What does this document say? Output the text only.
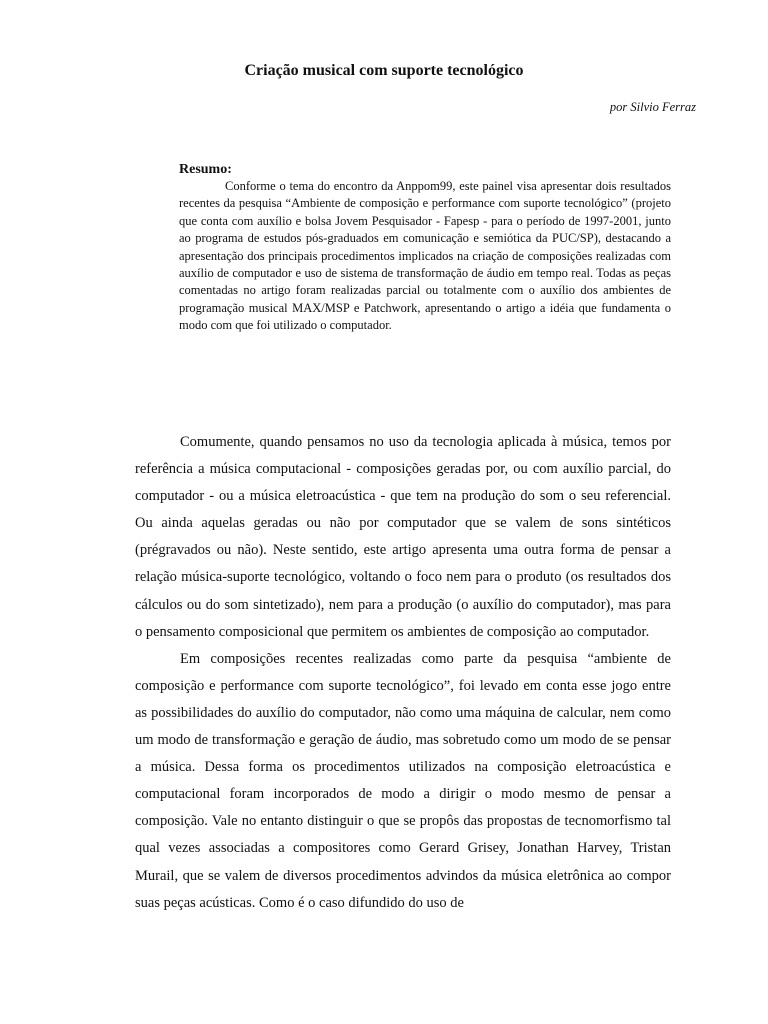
Criação musical com suporte tecnológico

por Silvio Ferraz

Resumo:

Conforme o tema do encontro da Anppom99, este painel visa apresentar dois resultados recentes da pesquisa “Ambiente de composição e performance com suporte tecnológico” (projeto que conta com auxílio e bolsa Jovem Pesquisador - Fapesp - para o período de 1997-2001, junto ao programa de estudos pós-graduados em comunicação e semiótica da PUC/SP), destacando a apresentação dos principais procedimentos implicados na criação de composições realizadas com auxílio de computador e uso de sistema de transformação de áudio em tempo real. Todas as peças comentadas no artigo foram realizadas parcial ou totalmente com o auxílio dos ambientes de programação musical MAX/MSP e Patchwork, apresentando o artigo a idéia que fundamenta o modo com que foi utilizado o computador.

Comumente, quando pensamos no uso da tecnologia aplicada à música, temos por referência a música computacional - composições geradas por, ou com auxílio parcial, do computador - ou a música eletroacústica - que tem na produção do som o seu referencial. Ou ainda aquelas geradas ou não por computador que se valem de sons sintéticos (prégravados ou não). Neste sentido, este artigo apresenta uma outra forma de pensar a relação música-suporte tecnológico, voltando o foco nem para o produto (os resultados dos cálculos ou do som sintetizado), nem para a produção (o auxílio do computador), mas para o pensamento composicional que permitem os ambientes de composição ao computador.

Em composições recentes realizadas como parte da pesquisa “ambiente de composição e performance com suporte tecnológico”, foi levado em conta esse jogo entre as possibilidades do auxílio do computador, não como uma máquina de calcular, nem como um modo de transformação e geração de áudio, mas sobretudo como um modo de se pensar a música. Dessa forma os procedimentos utilizados na composição eletroacústica e computacional foram incorporados de modo a dirigir o modo mesmo de pensar a composição. Vale no entanto distinguir o que se propôs das propostas de tecnomorfismo tal qual vezes associadas a compositores como Gerard Grisey, Jonathan Harvey, Tristan Murail, que se valem de diversos procedimentos advindos da música eletrônica ao compor suas peças acústicas. Como é o caso difundido do uso de
